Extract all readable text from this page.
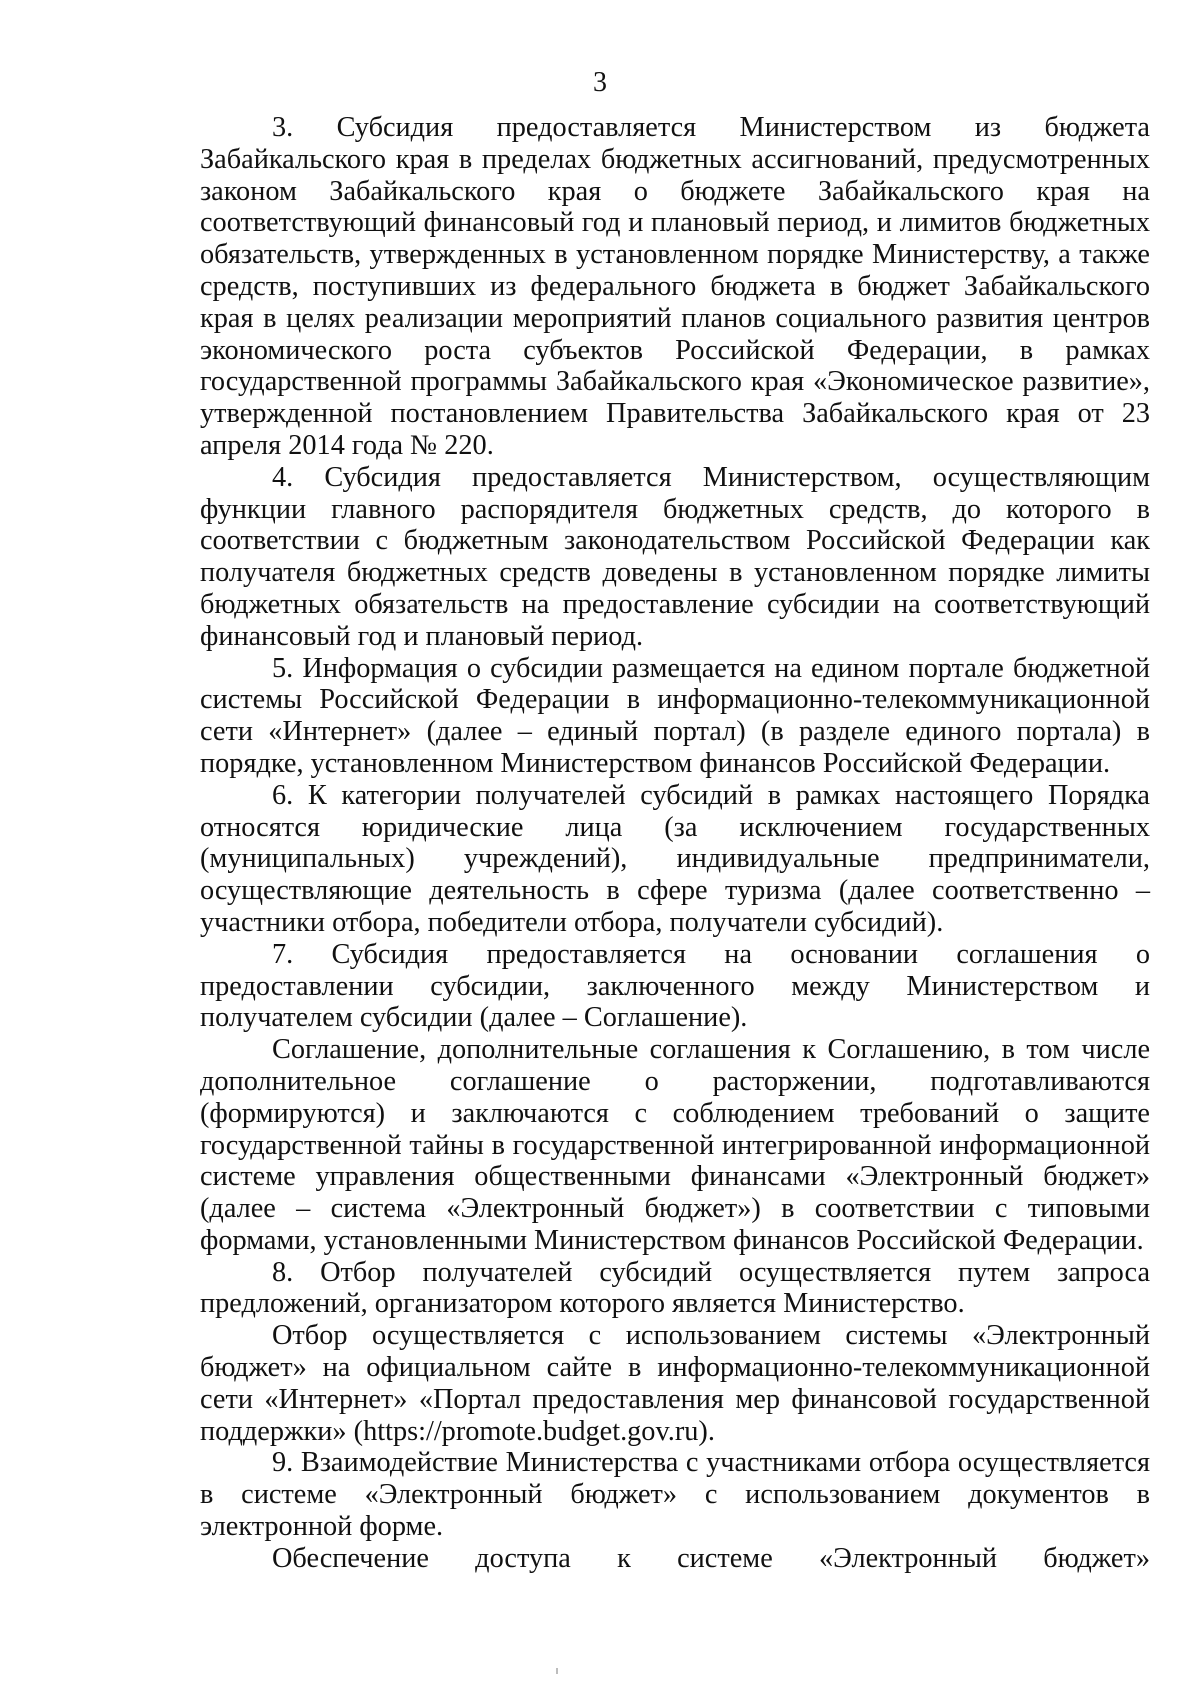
3

3. Субсидия предоставляется Министерством из бюджета Забайкальского края в пределах бюджетных ассигнований, предусмотренных законом Забайкальского края о бюджете Забайкальского края на соответствующий финансовый год и плановый период, и лимитов бюджетных обязательств, утвержденных в установленном порядке Министерству, а также средств, поступивших из федерального бюджета в бюджет Забайкальского края в целях реализации мероприятий планов социального развития центров экономического роста субъектов Российской Федерации, в рамках государственной программы Забайкальского края «Экономическое развитие», утвержденной постановлением Правительства Забайкальского края от 23 апреля 2014 года № 220.

4. Субсидия предоставляется Министерством, осуществляющим функции главного распорядителя бюджетных средств, до которого в соответствии с бюджетным законодательством Российской Федерации как получателя бюджетных средств доведены в установленном порядке лимиты бюджетных обязательств на предоставление субсидии на соответствующий финансовый год и плановый период.

5. Информация о субсидии размещается на едином портале бюджетной системы Российской Федерации в информационно-телекоммуникационной сети «Интернет» (далее – единый портал) (в разделе единого портала) в порядке, установленном Министерством финансов Российской Федерации.

6. К категории получателей субсидий в рамках настоящего Порядка относятся юридические лица (за исключением государственных (муниципальных) учреждений), индивидуальные предприниматели, осуществляющие деятельность в сфере туризма (далее соответственно – участники отбора, победители отбора, получатели субсидий).

7. Субсидия предоставляется на основании соглашения о предоставлении субсидии, заключенного между Министерством и получателем субсидии (далее – Соглашение).

Соглашение, дополнительные соглашения к Соглашению, в том числе дополнительное соглашение о расторжении, подготавливаются (формируются) и заключаются с соблюдением требований о защите государственной тайны в государственной интегрированной информационной системе управления общественными финансами «Электронный бюджет» (далее – система «Электронный бюджет») в соответствии с типовыми формами, установленными Министерством финансов Российской Федерации.

8. Отбор получателей субсидий осуществляется путем запроса предложений, организатором которого является Министерство.

Отбор осуществляется с использованием системы «Электронный бюджет» на официальном сайте в информационно-телекоммуникационной сети «Интернет» «Портал предоставления мер финансовой государственной поддержки» (https://promote.budget.gov.ru).

9. Взаимодействие Министерства с участниками отбора осуществляется в системе «Электронный бюджет» с использованием документов в электронной форме.

Обеспечение доступа к системе «Электронный бюджет»
